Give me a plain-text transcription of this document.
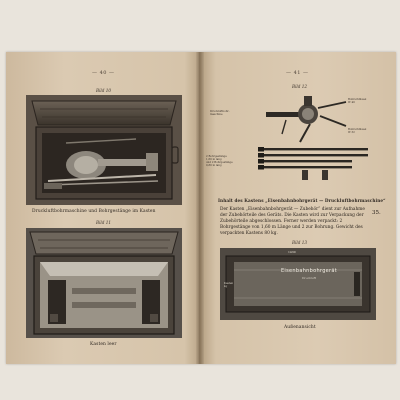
— 40 —
Bild 10
Druckluftbohrmaschine und Bohrgestänge im Kasten
Bild 11
Kasten leer
— 41 —
Bild 12
Druckluftbohr-
maschine
2 Bohrgestänge
1,60 m lang
und 2 Bohrgestänge
0,80 m lang
Bohrschlüssel
W 40
Bohrschlüssel
W 32
Inhalt des Kastens „Eisenbahnbohrgerät — Druckluftbohrmaschine“
Der Kasten „Eisenbahnbohrgerät — Zubehör“ dient zur Aufnahme der Zubehörteile des Geräts. Die Kasten wird zur Verpackung der Zubehörteile abgeschlossen. Ferner werden verpackt: 2 Bohrgestänge von 1,60 m Länge und 2 zur Bohrung. Gewicht des verpackten Kastens 80 kg.
35.
Bild 13
1430
Eisenbahnbohrgerät
Druckluft
Kasten
kg
Außenansicht
